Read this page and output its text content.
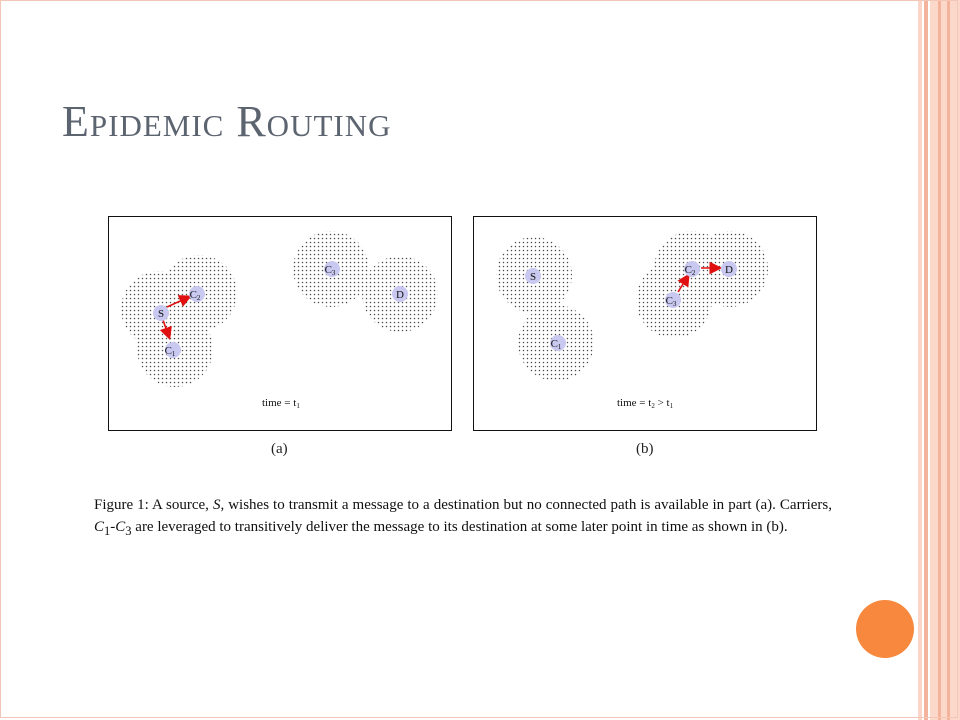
Epidemic Routing
S
C1
C2
C3
D
time = t1
S
C1
C3
C2	D
time = t2 > t1
(a)	(b)

Figure 1: A source, S, wishes to transmit a message to a destination but no connected path is available in part (a). Carriers, $C_1-C_3$ are leveraged to transitively deliver the message to its destination at some later point in time as shown in (b).
